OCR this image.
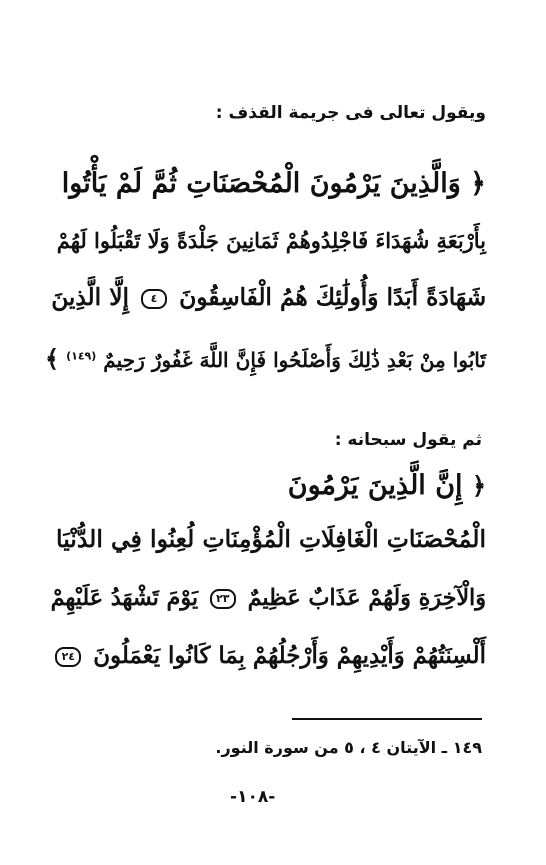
ويقول تعالى فى جريمة القذف :
﴿ وَالَّذِينَ يَرْمُونَ الْمُحْصَنَاتِ ثُمَّ لَمْ يَأْتُوا
بِأَرْبَعَةِ شُهَدَاءَ فَاجْلِدُوهُمْ ثَمَانِينَ جَلْدَةً وَلَا تَقْبَلُوا لَهُمْ
شَهَادَةً أَبَدًا وَأُولَٰئِكَ هُمُ الْفَاسِقُونَ ٤ إِلَّا الَّذِينَ
تَابُوا مِنْ بَعْدِ ذَٰلِكَ وَأَصْلَحُوا فَإِنَّ اللَّهَ غَفُورٌ رَحِيمٌ $^{(١٤٩)}$ ﴾
ثم يقول سبحانه :
﴿ إِنَّ الَّذِينَ يَرْمُونَ
الْمُحْصَنَاتِ الْغَافِلَاتِ الْمُؤْمِنَاتِ لُعِنُوا فِي الدُّنْيَا
وَالْآخِرَةِ وَلَهُمْ عَذَابٌ عَظِيمٌ ٢٣ يَوْمَ تَشْهَدُ عَلَيْهِمْ
أَلْسِنَتُهُمْ وَأَيْدِيهِمْ وَأَرْجُلُهُمْ بِمَا كَانُوا يَعْمَلُونَ ٢٤
١٤٩ ـ الآيتان ٤ ، ٥ من سورة النور.
-١٠٨-
